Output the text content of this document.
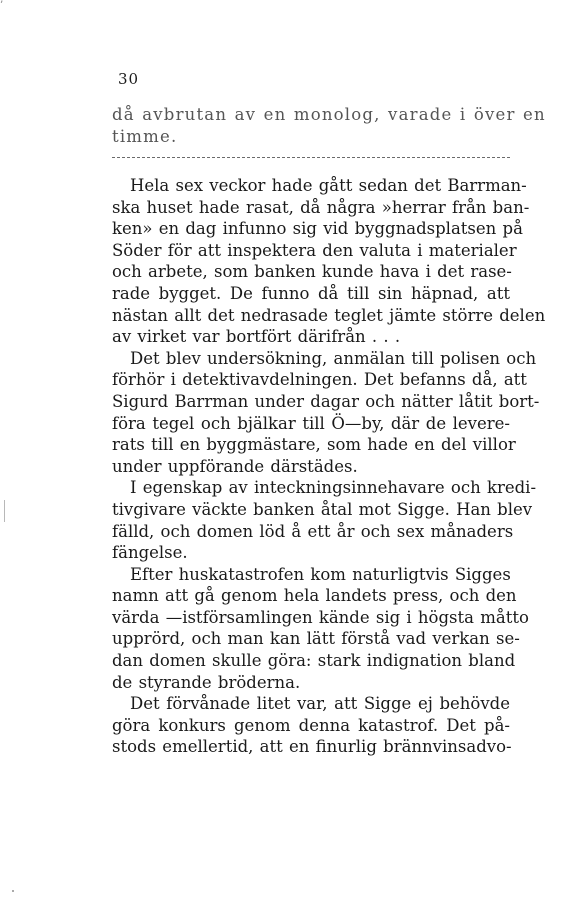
’
30
då avbrutan av en monolog, varade i över en
timme.
Hela sex veckor hade gått sedan det Barrman-
ska huset hade rasat, då några »herrar från ban-
ken» en dag infunno sig vid byggnadsplatsen på
Söder för att inspektera den valuta i materialer
och arbete, som banken kunde hava i det rase-
rade bygget. De funno då till sin häpnad, att
nästan allt det nedrasade teglet jämte större delen
av virket var bortfört därifrån . . .
Det blev undersökning, anmälan till polisen och
förhör i detektivavdelningen. Det befanns då, att
Sigurd Barrman under dagar och nätter låtit bort-
föra tegel och bjälkar till Ö—by, där de levere-
rats till en byggmästare, som hade en del villor
under uppförande därstädes.
I egenskap av inteckningsinnehavare och kredi-
tivgivare väckte banken åtal mot Sigge. Han blev
fälld, och domen löd å ett år och sex månaders
fängelse.
Efter huskatastrofen kom naturligtvis Sigges
namn att gå genom hela landets press, och den
värda —istförsamlingen kände sig i högsta måtto
upprörd, och man kan lätt förstå vad verkan se-
dan domen skulle göra: stark indignation bland
de styrande bröderna.
Det förvånade litet var, att Sigge ej behövde
göra konkurs genom denna katastrof. Det på-
stods emellertid, att en finurlig brännvinsadvo-
